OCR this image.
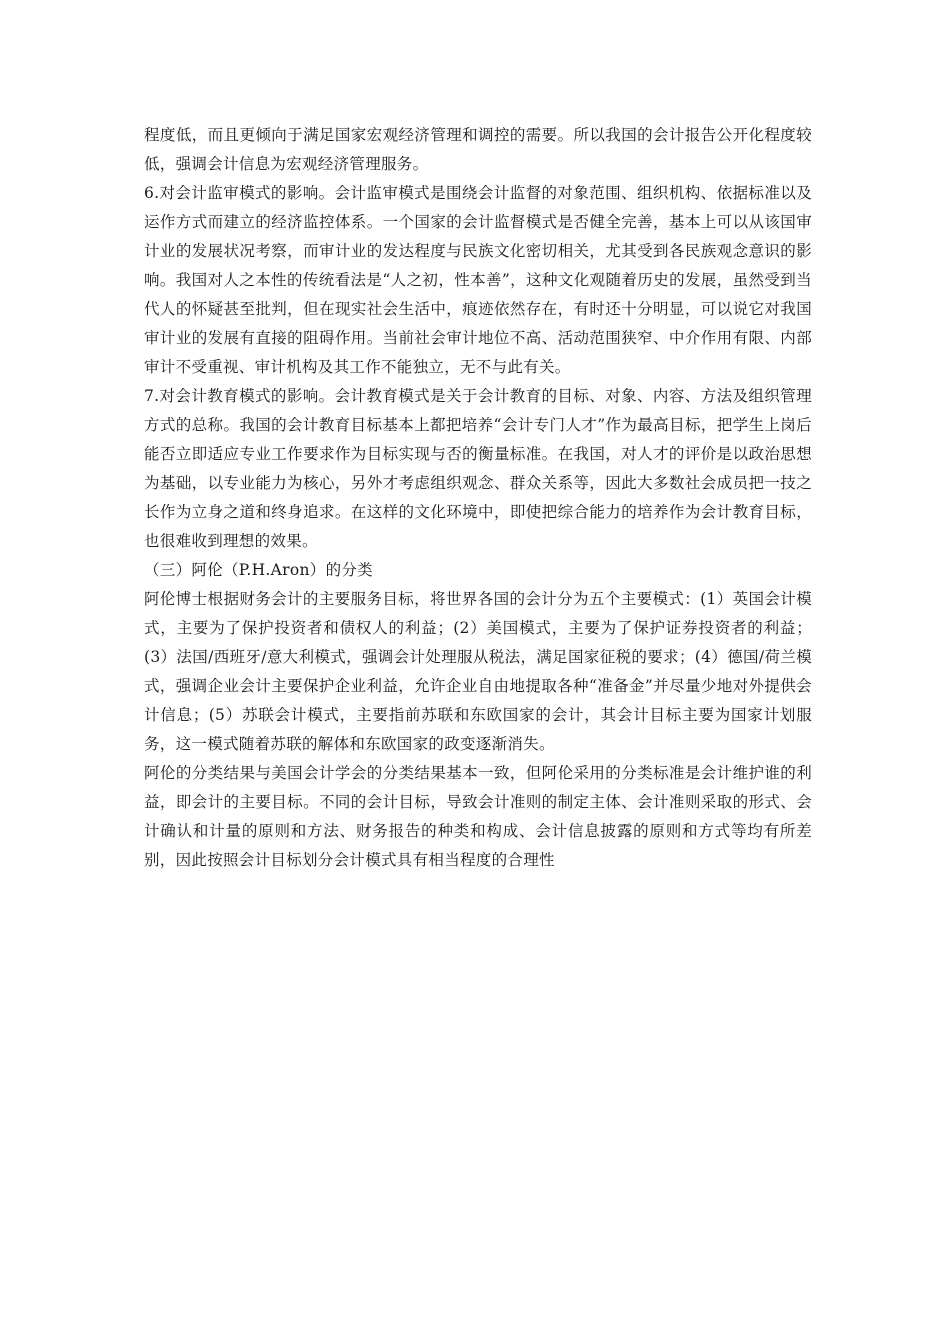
程度低，而且更倾向于满足国家宏观经济管理和调控的需要。所以我国的会计报告公开化程度较低，强调会计信息为宏观经济管理服务。

6.对会计监审模式的影响。会计监审模式是围绕会计监督的对象范围、组织机构、依据标准以及运作方式而建立的经济监控体系。一个国家的会计监督模式是否健全完善，基本上可以从该国审计业的发展状况考察，而审计业的发达程度与民族文化密切相关，尤其受到各民族观念意识的影响。我国对人之本性的传统看法是“人之初，性本善”，这种文化观随着历史的发展，虽然受到当代人的怀疑甚至批判，但在现实社会生活中，痕迹依然存在，有时还十分明显，可以说它对我国审计业的发展有直接的阻碍作用。当前社会审计地位不高、活动范围狭窄、中介作用有限、内部审计不受重视、审计机构及其工作不能独立，无不与此有关。

7.对会计教育模式的影响。会计教育模式是关于会计教育的目标、对象、内容、方法及组织管理方式的总称。我国的会计教育目标基本上都把培养“会计专门人才”作为最高目标，把学生上岗后能否立即适应专业工作要求作为目标实现与否的衡量标准。在我国，对人才的评价是以政治思想为基础，以专业能力为核心，另外才考虑组织观念、群众关系等，因此大多数社会成员把一技之长作为立身之道和终身追求。在这样的文化环境中，即使把综合能力的培养作为会计教育目标，也很难收到理想的效果。

（三）阿伦（P.H.Aron）的分类

阿伦博士根据财务会计的主要服务目标，将世界各国的会计分为五个主要模式：(1）英国会计模式，主要为了保护投资者和债权人的利益；(2）美国模式，主要为了保护证券投资者的利益；(3）法国/西班牙/意大利模式，强调会计处理服从税法，满足国家征税的要求；(4）德国/荷兰模式，强调企业会计主要保护企业利益，允许企业自由地提取各种“准备金”并尽量少地对外提供会计信息；(5）苏联会计模式，主要指前苏联和东欧国家的会计，其会计目标主要为国家计划服务，这一模式随着苏联的解体和东欧国家的政变逐渐消失。

阿伦的分类结果与美国会计学会的分类结果基本一致，但阿伦采用的分类标准是会计维护谁的利益，即会计的主要目标。不同的会计目标，导致会计准则的制定主体、会计准则采取的形式、会计确认和计量的原则和方法、财务报告的种类和构成、会计信息披露的原则和方式等均有所差别，因此按照会计目标划分会计模式具有相当程度的合理性
